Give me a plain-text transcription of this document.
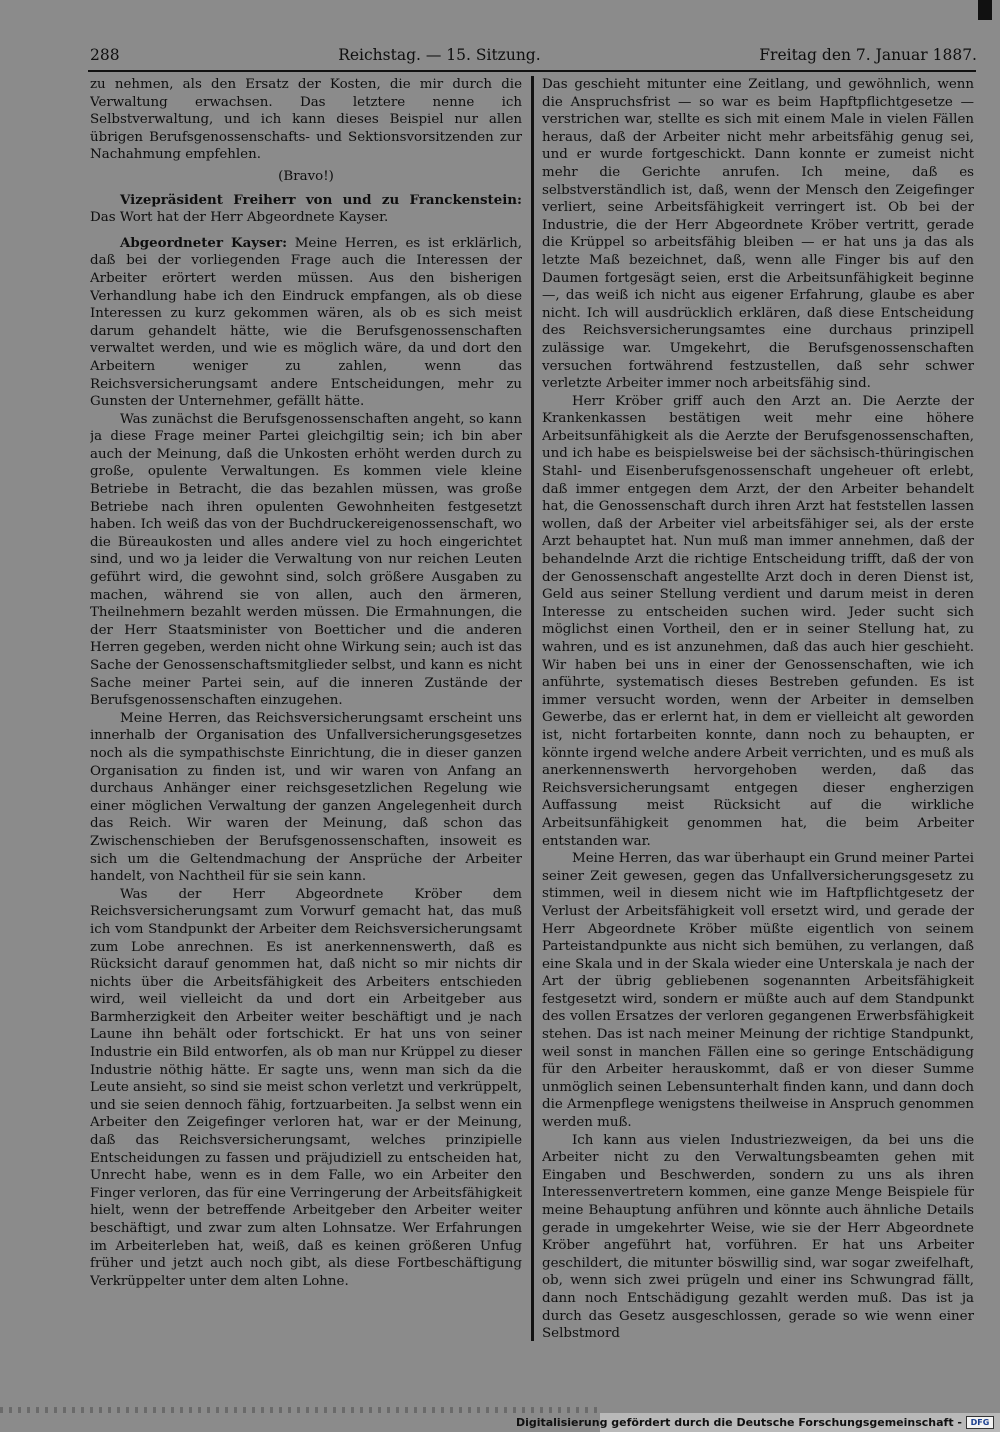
288	Reichstag. — 15. Sitzung.	Freitag den 7. Januar 1887.

zu nehmen, als den Ersatz der Kosten, die mir durch die Verwaltung erwachsen. Das letztere nenne ich Selbstverwaltung, und ich kann dieses Beispiel nur allen übrigen Berufsgenossenschafts- und Sektionsvorsitzenden zur Nachahmung empfehlen.

(Bravo!)

Vizepräsident Freiherr von und zu Franckenstein: Das Wort hat der Herr Abgeordnete Kayser.

Abgeordneter Kayser: Meine Herren, es ist erklärlich, daß bei der vorliegenden Frage auch die Interessen der Arbeiter erörtert werden müssen. Aus den bisherigen Verhandlung habe ich den Eindruck empfangen, als ob diese Interessen zu kurz gekommen wären, als ob es sich meist darum gehandelt hätte, wie die Berufsgenossenschaften verwaltet werden, und wie es möglich wäre, da und dort den Arbeitern weniger zu zahlen, wenn das Reichsversicherungsamt andere Entscheidungen, mehr zu Gunsten der Unternehmer, gefällt hätte.

Was zunächst die Berufsgenossenschaften angeht, so kann ja diese Frage meiner Partei gleichgiltig sein; ich bin aber auch der Meinung, daß die Unkosten erhöht werden durch zu große, opulente Verwaltungen. Es kommen viele kleine Betriebe in Betracht, die das bezahlen müssen, was große Betriebe nach ihren opulenten Gewohnheiten festgesetzt haben. Ich weiß das von der Buchdruckereigenossenschaft, wo die Büreaukosten und alles andere viel zu hoch eingerichtet sind, und wo ja leider die Verwaltung von nur reichen Leuten geführt wird, die gewohnt sind, solch größere Ausgaben zu machen, während sie von allen, auch den ärmeren, Theilnehmern bezahlt werden müssen. Die Ermahnungen, die der Herr Staatsminister von Boetticher und die anderen Herren gegeben, werden nicht ohne Wirkung sein; auch ist das Sache der Genossenschaftsmitglieder selbst, und kann es nicht Sache meiner Partei sein, auf die inneren Zustände der Berufsgenossenschaften einzugehen.

Meine Herren, das Reichsversicherungsamt erscheint uns innerhalb der Organisation des Unfallversicherungsgesetzes noch als die sympathischste Einrichtung, die in dieser ganzen Organisation zu finden ist, und wir waren von Anfang an durchaus Anhänger einer reichsgesetzlichen Regelung wie einer möglichen Verwaltung der ganzen Angelegenheit durch das Reich. Wir waren der Meinung, daß schon das Zwischenschieben der Berufsgenossenschaften, insoweit es sich um die Geltendmachung der Ansprüche der Arbeiter handelt, von Nachtheil für sie sein kann.

Was der Herr Abgeordnete Kröber dem Reichsversicherungsamt zum Vorwurf gemacht hat, das muß ich vom Standpunkt der Arbeiter dem Reichsversicherungsamt zum Lobe anrechnen. Es ist anerkennenswerth, daß es Rücksicht darauf genommen hat, daß nicht so mir nichts dir nichts über die Arbeitsfähigkeit des Arbeiters entschieden wird, weil vielleicht da und dort ein Arbeitgeber aus Barmherzigkeit den Arbeiter weiter beschäftigt und je nach Laune ihn behält oder fortschickt. Er hat uns von seiner Industrie ein Bild entworfen, als ob man nur Krüppel zu dieser Industrie nöthig hätte. Er sagte uns, wenn man sich da die Leute ansieht, so sind sie meist schon verletzt und verkrüppelt, und sie seien dennoch fähig, fortzuarbeiten. Ja selbst wenn ein Arbeiter den Zeigefinger verloren hat, war er der Meinung, daß das Reichsversicherungsamt, welches prinzipielle Entscheidungen zu fassen und präjudiziell zu entscheiden hat, Unrecht habe, wenn es in dem Falle, wo ein Arbeiter den Finger verloren, das für eine Verringerung der Arbeitsfähigkeit hielt, wenn der betreffende Arbeitgeber den Arbeiter weiter beschäftigt, und zwar zum alten Lohnsatze. Wer Erfahrungen im Arbeiterleben hat, weiß, daß es keinen größeren Unfug früher und jetzt auch noch gibt, als diese Fortbeschäftigung Verkrüppelter unter dem alten Lohne.

Das geschieht mitunter eine Zeitlang, und gewöhnlich, wenn die Anspruchsfrist — so war es beim Hapftpflichtgesetze — verstrichen war, stellte es sich mit einem Male in vielen Fällen heraus, daß der Arbeiter nicht mehr arbeitsfähig genug sei, und er wurde fortgeschickt. Dann konnte er zumeist nicht mehr die Gerichte anrufen. Ich meine, daß es selbstverständlich ist, daß, wenn der Mensch den Zeigefinger verliert, seine Arbeitsfähigkeit verringert ist. Ob bei der Industrie, die der Herr Abgeordnete Kröber vertritt, gerade die Krüppel so arbeitsfähig bleiben — er hat uns ja das als letzte Maß bezeichnet, daß, wenn alle Finger bis auf den Daumen fortgesägt seien, erst die Arbeitsunfähigkeit beginne —, das weiß ich nicht aus eigener Erfahrung, glaube es aber nicht. Ich will ausdrücklich erklären, daß diese Entscheidung des Reichsversicherungsamtes eine durchaus prinzipell zulässige war. Umgekehrt, die Berufsgenossenschaften versuchen fortwährend festzustellen, daß sehr schwer verletzte Arbeiter immer noch arbeitsfähig sind.

Herr Kröber griff auch den Arzt an. Die Aerzte der Krankenkassen bestätigen weit mehr eine höhere Arbeitsunfähigkeit als die Aerzte der Berufsgenossenschaften, und ich habe es beispielsweise bei der sächsisch-thüringischen Stahl- und Eisenberufsgenossenschaft ungeheuer oft erlebt, daß immer entgegen dem Arzt, der den Arbeiter behandelt hat, die Genossenschaft durch ihren Arzt hat feststellen lassen wollen, daß der Arbeiter viel arbeitsfähiger sei, als der erste Arzt behauptet hat. Nun muß man immer annehmen, daß der behandelnde Arzt die richtige Entscheidung trifft, daß der von der Genossenschaft angestellte Arzt doch in deren Dienst ist, Geld aus seiner Stellung verdient und darum meist in deren Interesse zu entscheiden suchen wird. Jeder sucht sich möglichst einen Vortheil, den er in seiner Stellung hat, zu wahren, und es ist anzunehmen, daß das auch hier geschieht. Wir haben bei uns in einer der Genossenschaften, wie ich anführte, systematisch dieses Bestreben gefunden. Es ist immer versucht worden, wenn der Arbeiter in demselben Gewerbe, das er erlernt hat, in dem er vielleicht alt geworden ist, nicht fortarbeiten konnte, dann noch zu behaupten, er könnte irgend welche andere Arbeit verrichten, und es muß als anerkennenswerth hervorgehoben werden, daß das Reichsversicherungsamt entgegen dieser engherzigen Auffassung meist Rücksicht auf die wirkliche Arbeitsunfähigkeit genommen hat, die beim Arbeiter entstanden war.

Meine Herren, das war überhaupt ein Grund meiner Partei seiner Zeit gewesen, gegen das Unfallversicherungsgesetz zu stimmen, weil in diesem nicht wie im Haftpflichtgesetz der Verlust der Arbeitsfähigkeit voll ersetzt wird, und gerade der Herr Abgeordnete Kröber müßte eigentlich von seinem Parteistandpunkte aus nicht sich bemühen, zu verlangen, daß eine Skala und in der Skala wieder eine Unterskala je nach der Art der übrig gebliebenen sogenannten Arbeitsfähigkeit festgesetzt wird, sondern er müßte auch auf dem Standpunkt des vollen Ersatzes der verloren gegangenen Erwerbsfähigkeit stehen. Das ist nach meiner Meinung der richtige Standpunkt, weil sonst in manchen Fällen eine so geringe Entschädigung für den Arbeiter herauskommt, daß er von dieser Summe unmöglich seinen Lebensunterhalt finden kann, und dann doch die Armenpflege wenigstens theilweise in Anspruch genommen werden muß.

Ich kann aus vielen Industriezweigen, da bei uns die Arbeiter nicht zu den Verwaltungsbeamten gehen mit Eingaben und Beschwerden, sondern zu uns als ihren Interessenvertretern kommen, eine ganze Menge Beispiele für meine Behauptung anführen und könnte auch ähnliche Details gerade in umgekehrter Weise, wie sie der Herr Abgeordnete Kröber angeführt hat, vorführen. Er hat uns Arbeiter geschildert, die mitunter böswillig sind, war sogar zweifelhaft, ob, wenn sich zwei prügeln und einer ins Schwungrad fällt, dann noch Entschädigung gezahlt werden muß. Das ist ja durch das Gesetz ausgeschlossen, gerade so wie wenn einer Selbstmord

Digitalisierung gefördert durch die Deutsche Forschungsgemeinschaft -	DFG
